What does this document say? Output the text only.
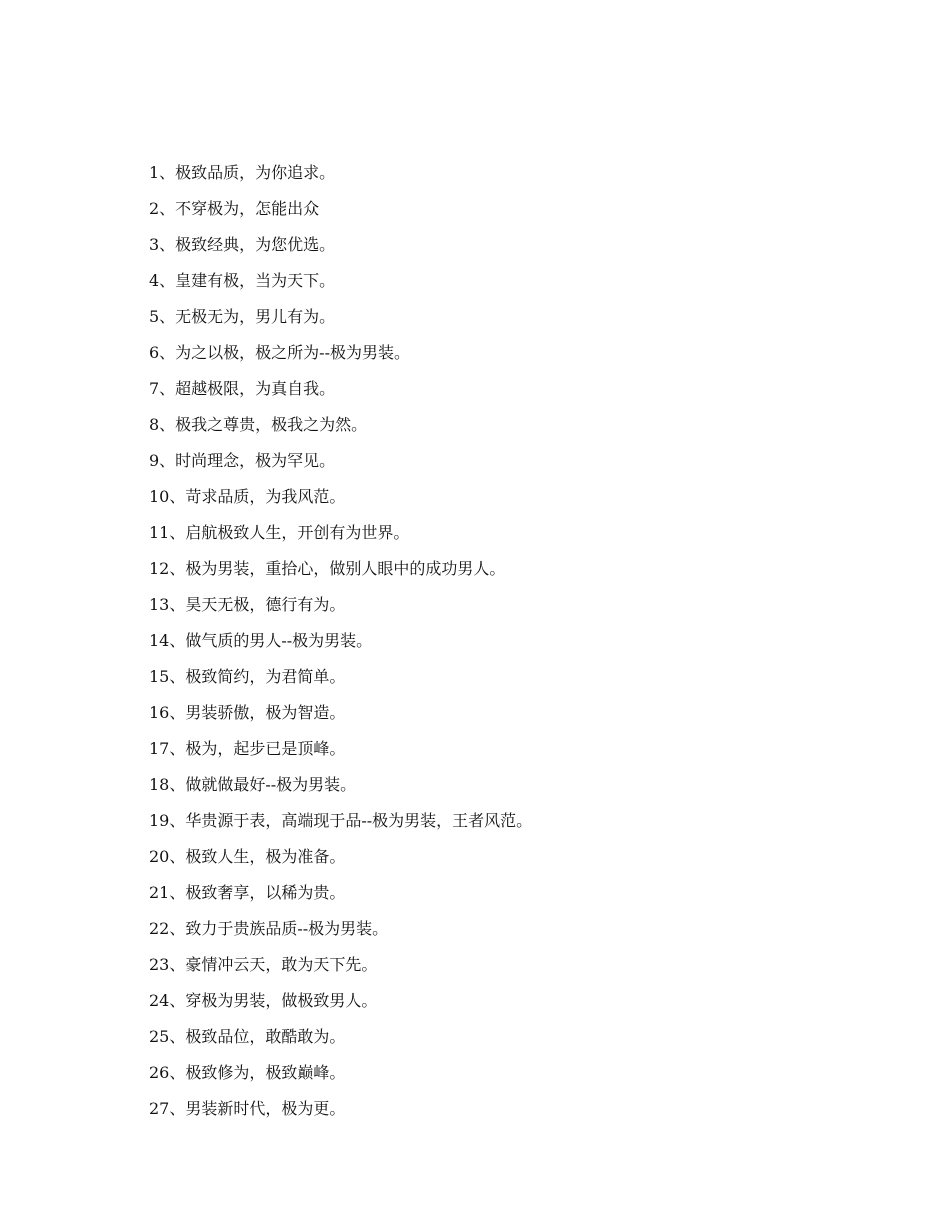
1、极致品质，为你追求。
2、不穿极为，怎能出众
3、极致经典，为您优选。
4、皇建有极，当为天下。
5、无极无为，男儿有为。
6、为之以极，极之所为--极为男装。
7、超越极限，为真自我。
8、极我之尊贵，极我之为然。
9、时尚理念，极为罕见。
10、苛求品质，为我风范。
11、启航极致人生，开创有为世界。
12、极为男装，重拾心，做别人眼中的成功男人。
13、昊天无极，德行有为。
14、做气质的男人--极为男装。
15、极致简约，为君简单。
16、男装骄傲，极为智造。
17、极为，起步已是顶峰。
18、做就做最好--极为男装。
19、华贵源于表，高端现于品--极为男装，王者风范。
20、极致人生，极为准备。
21、极致奢享，以稀为贵。
22、致力于贵族品质--极为男装。
23、豪情冲云天，敢为天下先。
24、穿极为男装，做极致男人。
25、极致品位，敢酷敢为。
26、极致修为，极致巅峰。
27、男装新时代，极为更。
